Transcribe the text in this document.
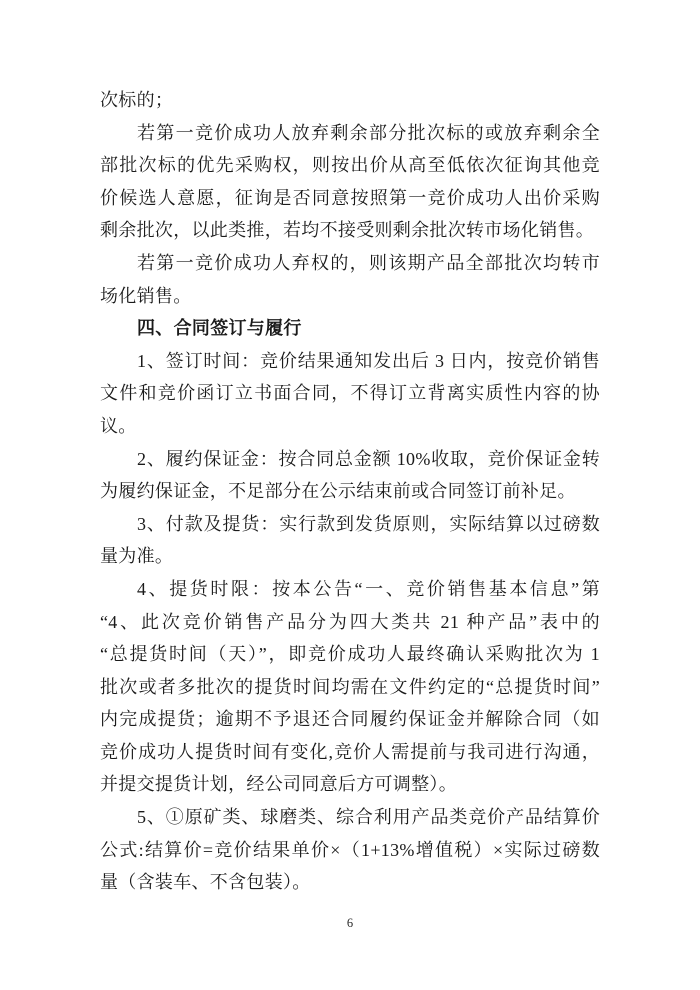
次标的；
若第一竞价成功人放弃剩余部分批次标的或放弃剩余全
部批次标的优先采购权，则按出价从高至低依次征询其他竞
价候选人意愿，征询是否同意按照第一竞价成功人出价采购
剩余批次，以此类推，若均不接受则剩余批次转市场化销售。
若第一竞价成功人弃权的，则该期产品全部批次均转市
场化销售。
四、合同签订与履行
1、签订时间：竞价结果通知发出后 3 日内，按竞价销售
文件和竞价函订立书面合同，不得订立背离实质性内容的协
议。
2、履约保证金：按合同总金额 10%收取，竞价保证金转
为履约保证金，不足部分在公示结束前或合同签订前补足。
3、付款及提货：实行款到发货原则，实际结算以过磅数
量为准。
4、提货时限：按本公告“一、竞价销售基本信息”第
“4、此次竞价销售产品分为四大类共 21 种产品”表中的
“总提货时间（天）”，即竞价成功人最终确认采购批次为 1
批次或者多批次的提货时间均需在文件约定的“总提货时间”
内完成提货；逾期不予退还合同履约保证金并解除合同（如
竞价成功人提货时间有变化,竞价人需提前与我司进行沟通，
并提交提货计划，经公司同意后方可调整）。
5、①原矿类、球磨类、综合利用产品类竞价产品结算价
公式:结算价=竞价结果单价×（1+13%增值税）×实际过磅数
量（含装车、不含包装）。
6
